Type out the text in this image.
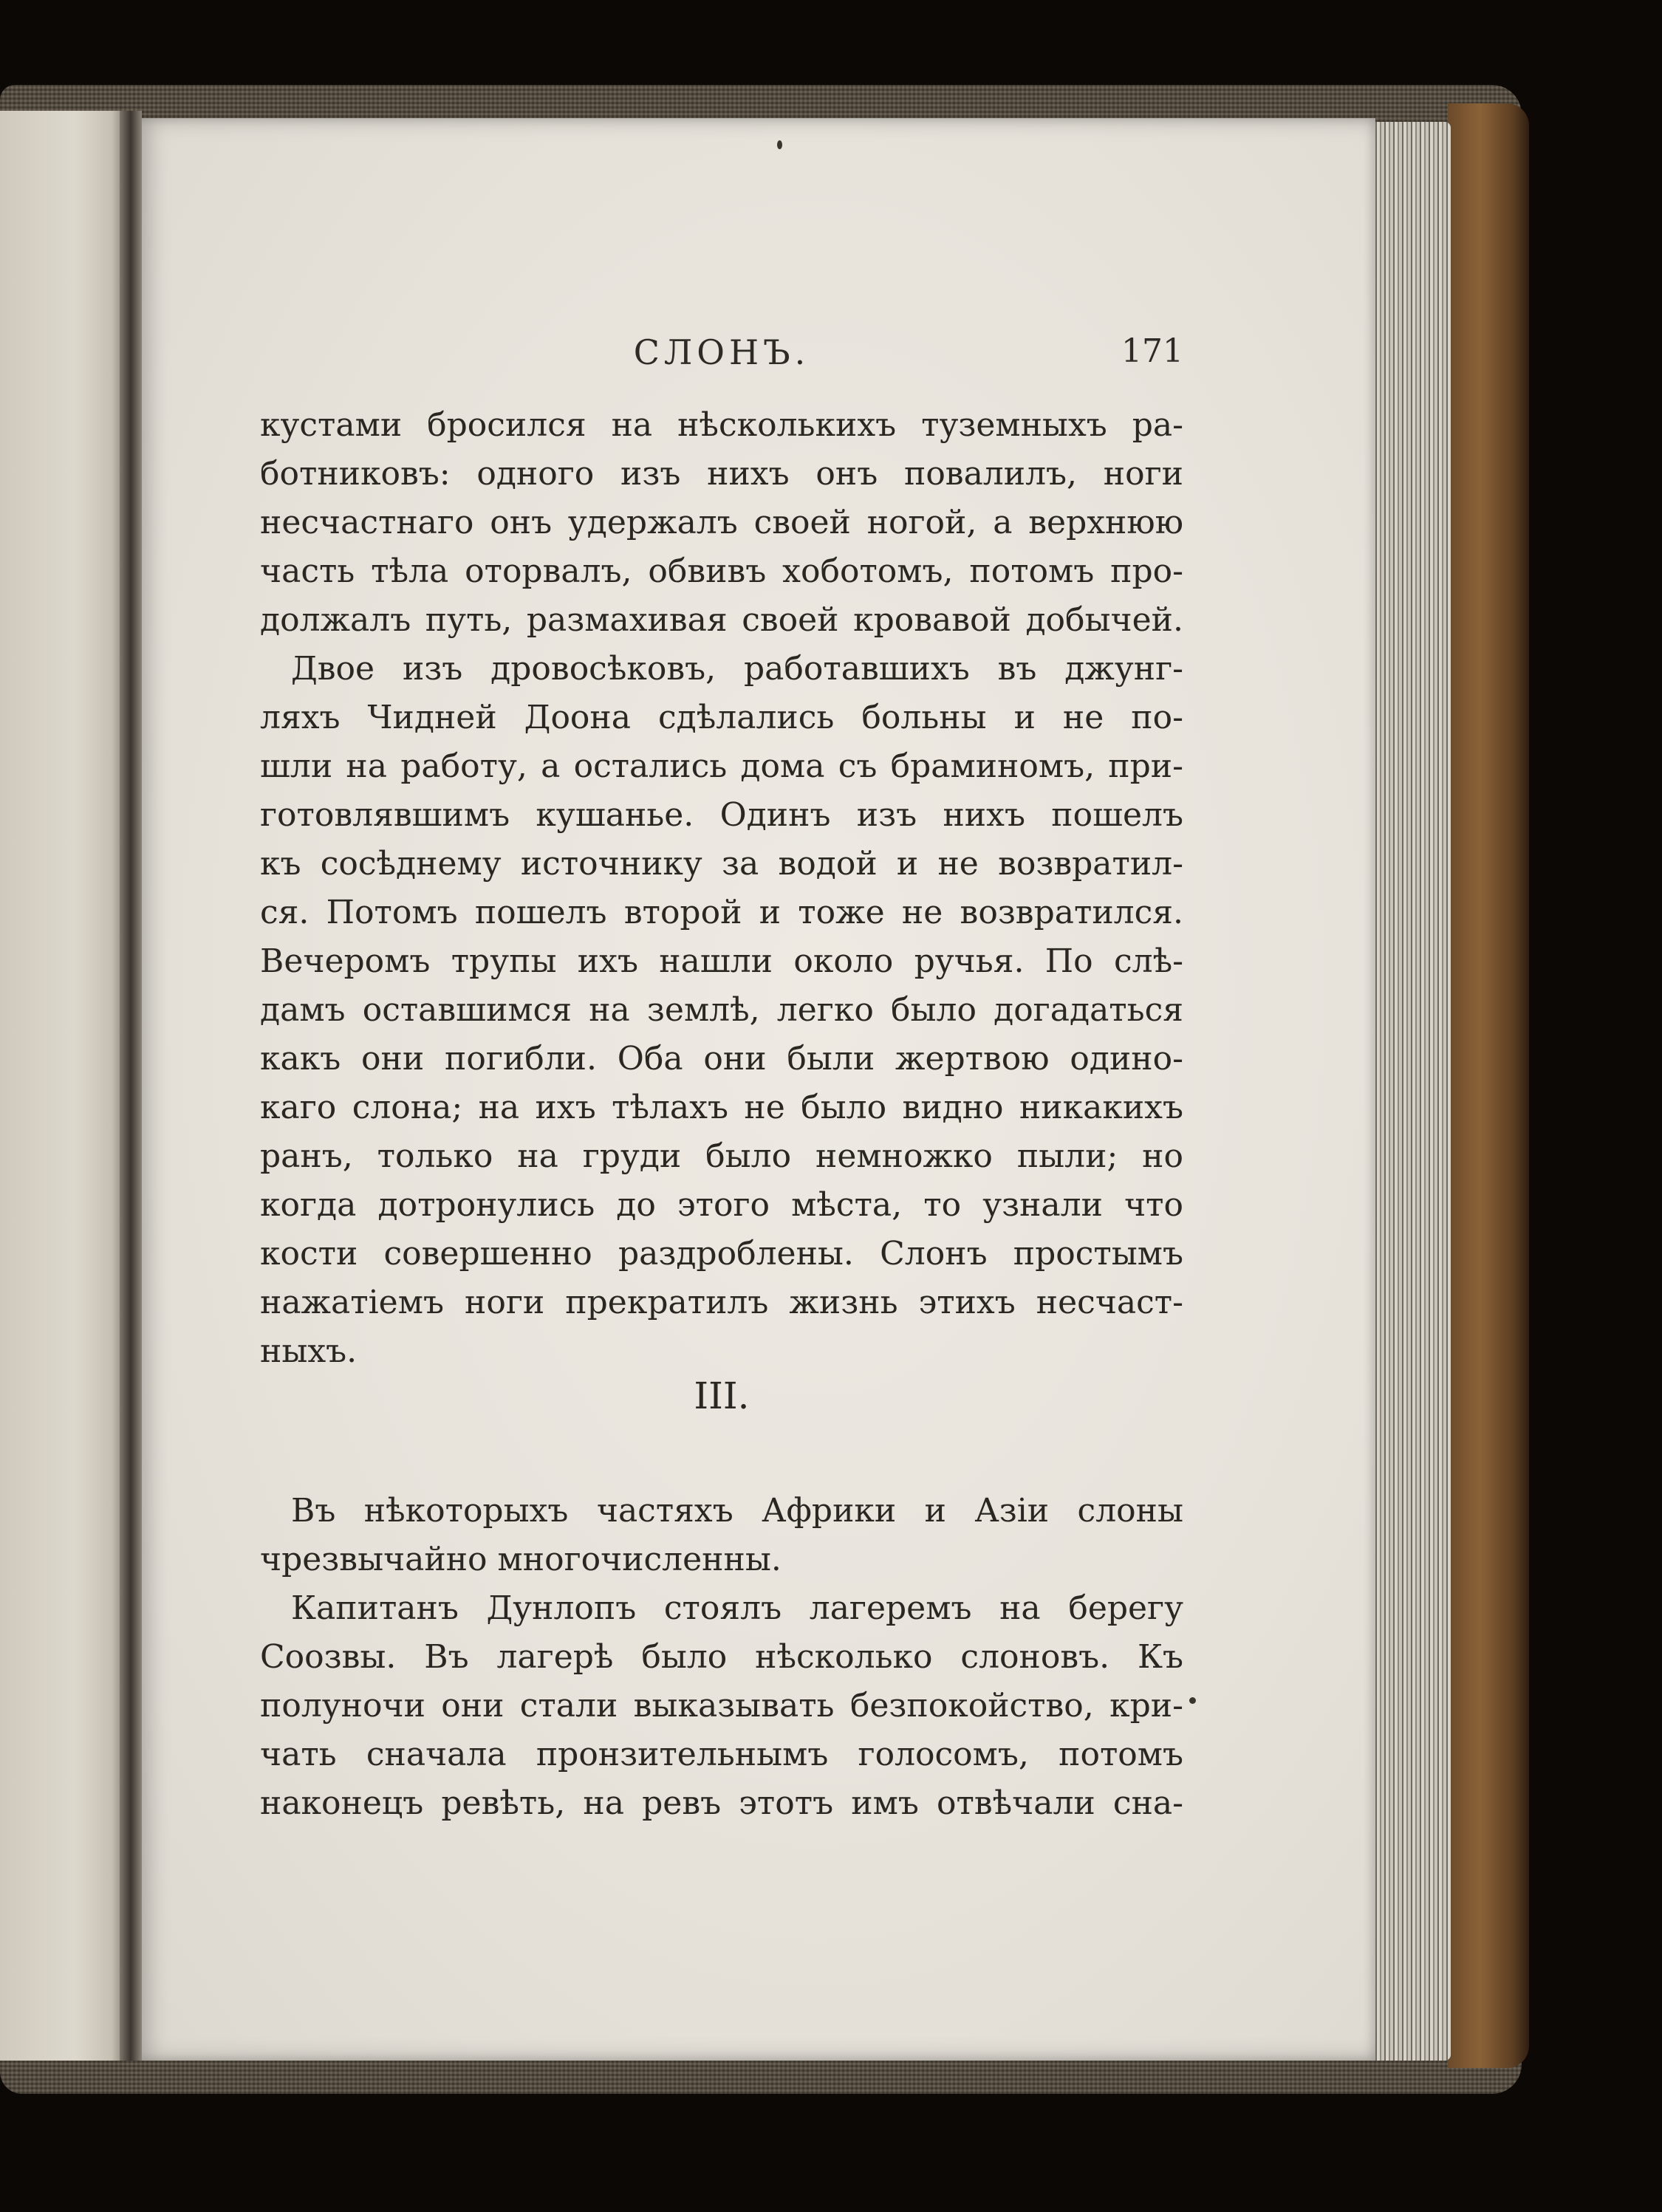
СЛОНЪ.	171

кустами бросился на нѣсколькихъ туземныхъ ра-
ботниковъ: одного изъ нихъ онъ повалилъ, ноги
несчастнаго онъ удержалъ своей ногой, а верхнюю
часть тѣла оторвалъ, обвивъ хоботомъ, потомъ про-
должалъ путь, размахивая своей кровавой добычей.

Двое изъ дровосѣковъ, работавшихъ въ джунг-
ляхъ Чидней Доона сдѣлались больны и не по-
шли на работу, а остались дома съ браминомъ, при-
готовлявшимъ кушанье. Одинъ изъ нихъ пошелъ
къ сосѣднему источнику за водой и не возвратил-
ся. Потомъ пошелъ второй и тоже не возвратился.
Вечеромъ трупы ихъ нашли около ручья. По слѣ-
дамъ оставшимся на землѣ, легко было догадаться
какъ они погибли. Оба они были жертвою одино-
каго слона; на ихъ тѣлахъ не было видно никакихъ
ранъ, только на груди было немножко пыли; но
когда дотронулись до этого мѣста, то узнали что
кости совершенно раздроблены. Слонъ простымъ
нажатіемъ ноги прекратилъ жизнь этихъ несчаст-
ныхъ.

III.

Въ нѣкоторыхъ частяхъ Африки и Азіи слоны
чрезвычайно многочисленны.

Капитанъ Дунлопъ стоялъ лагеремъ на берегу
Соозвы. Въ лагерѣ было нѣсколько слоновъ. Къ
полуночи они стали выказывать безпокойство, кри-
чать сначала пронзительнымъ голосомъ, потомъ
наконецъ ревѣть, на ревъ этотъ имъ отвѣчали сна-
